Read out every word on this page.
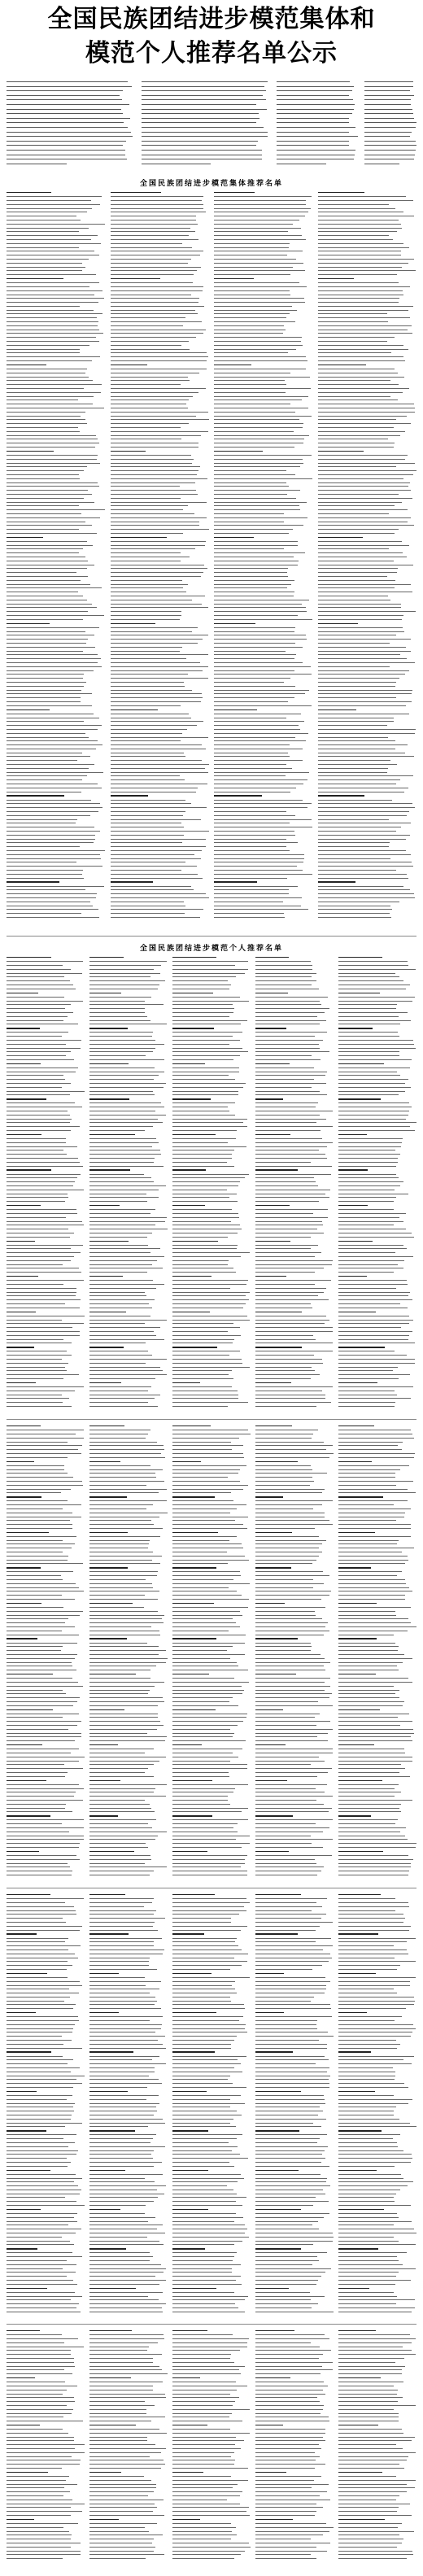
全国民族团结进步模范集体和
模范个人推荐名单公示
全国民族团结进步模范集体推荐名单
全国民族团结进步模范个人推荐名单
